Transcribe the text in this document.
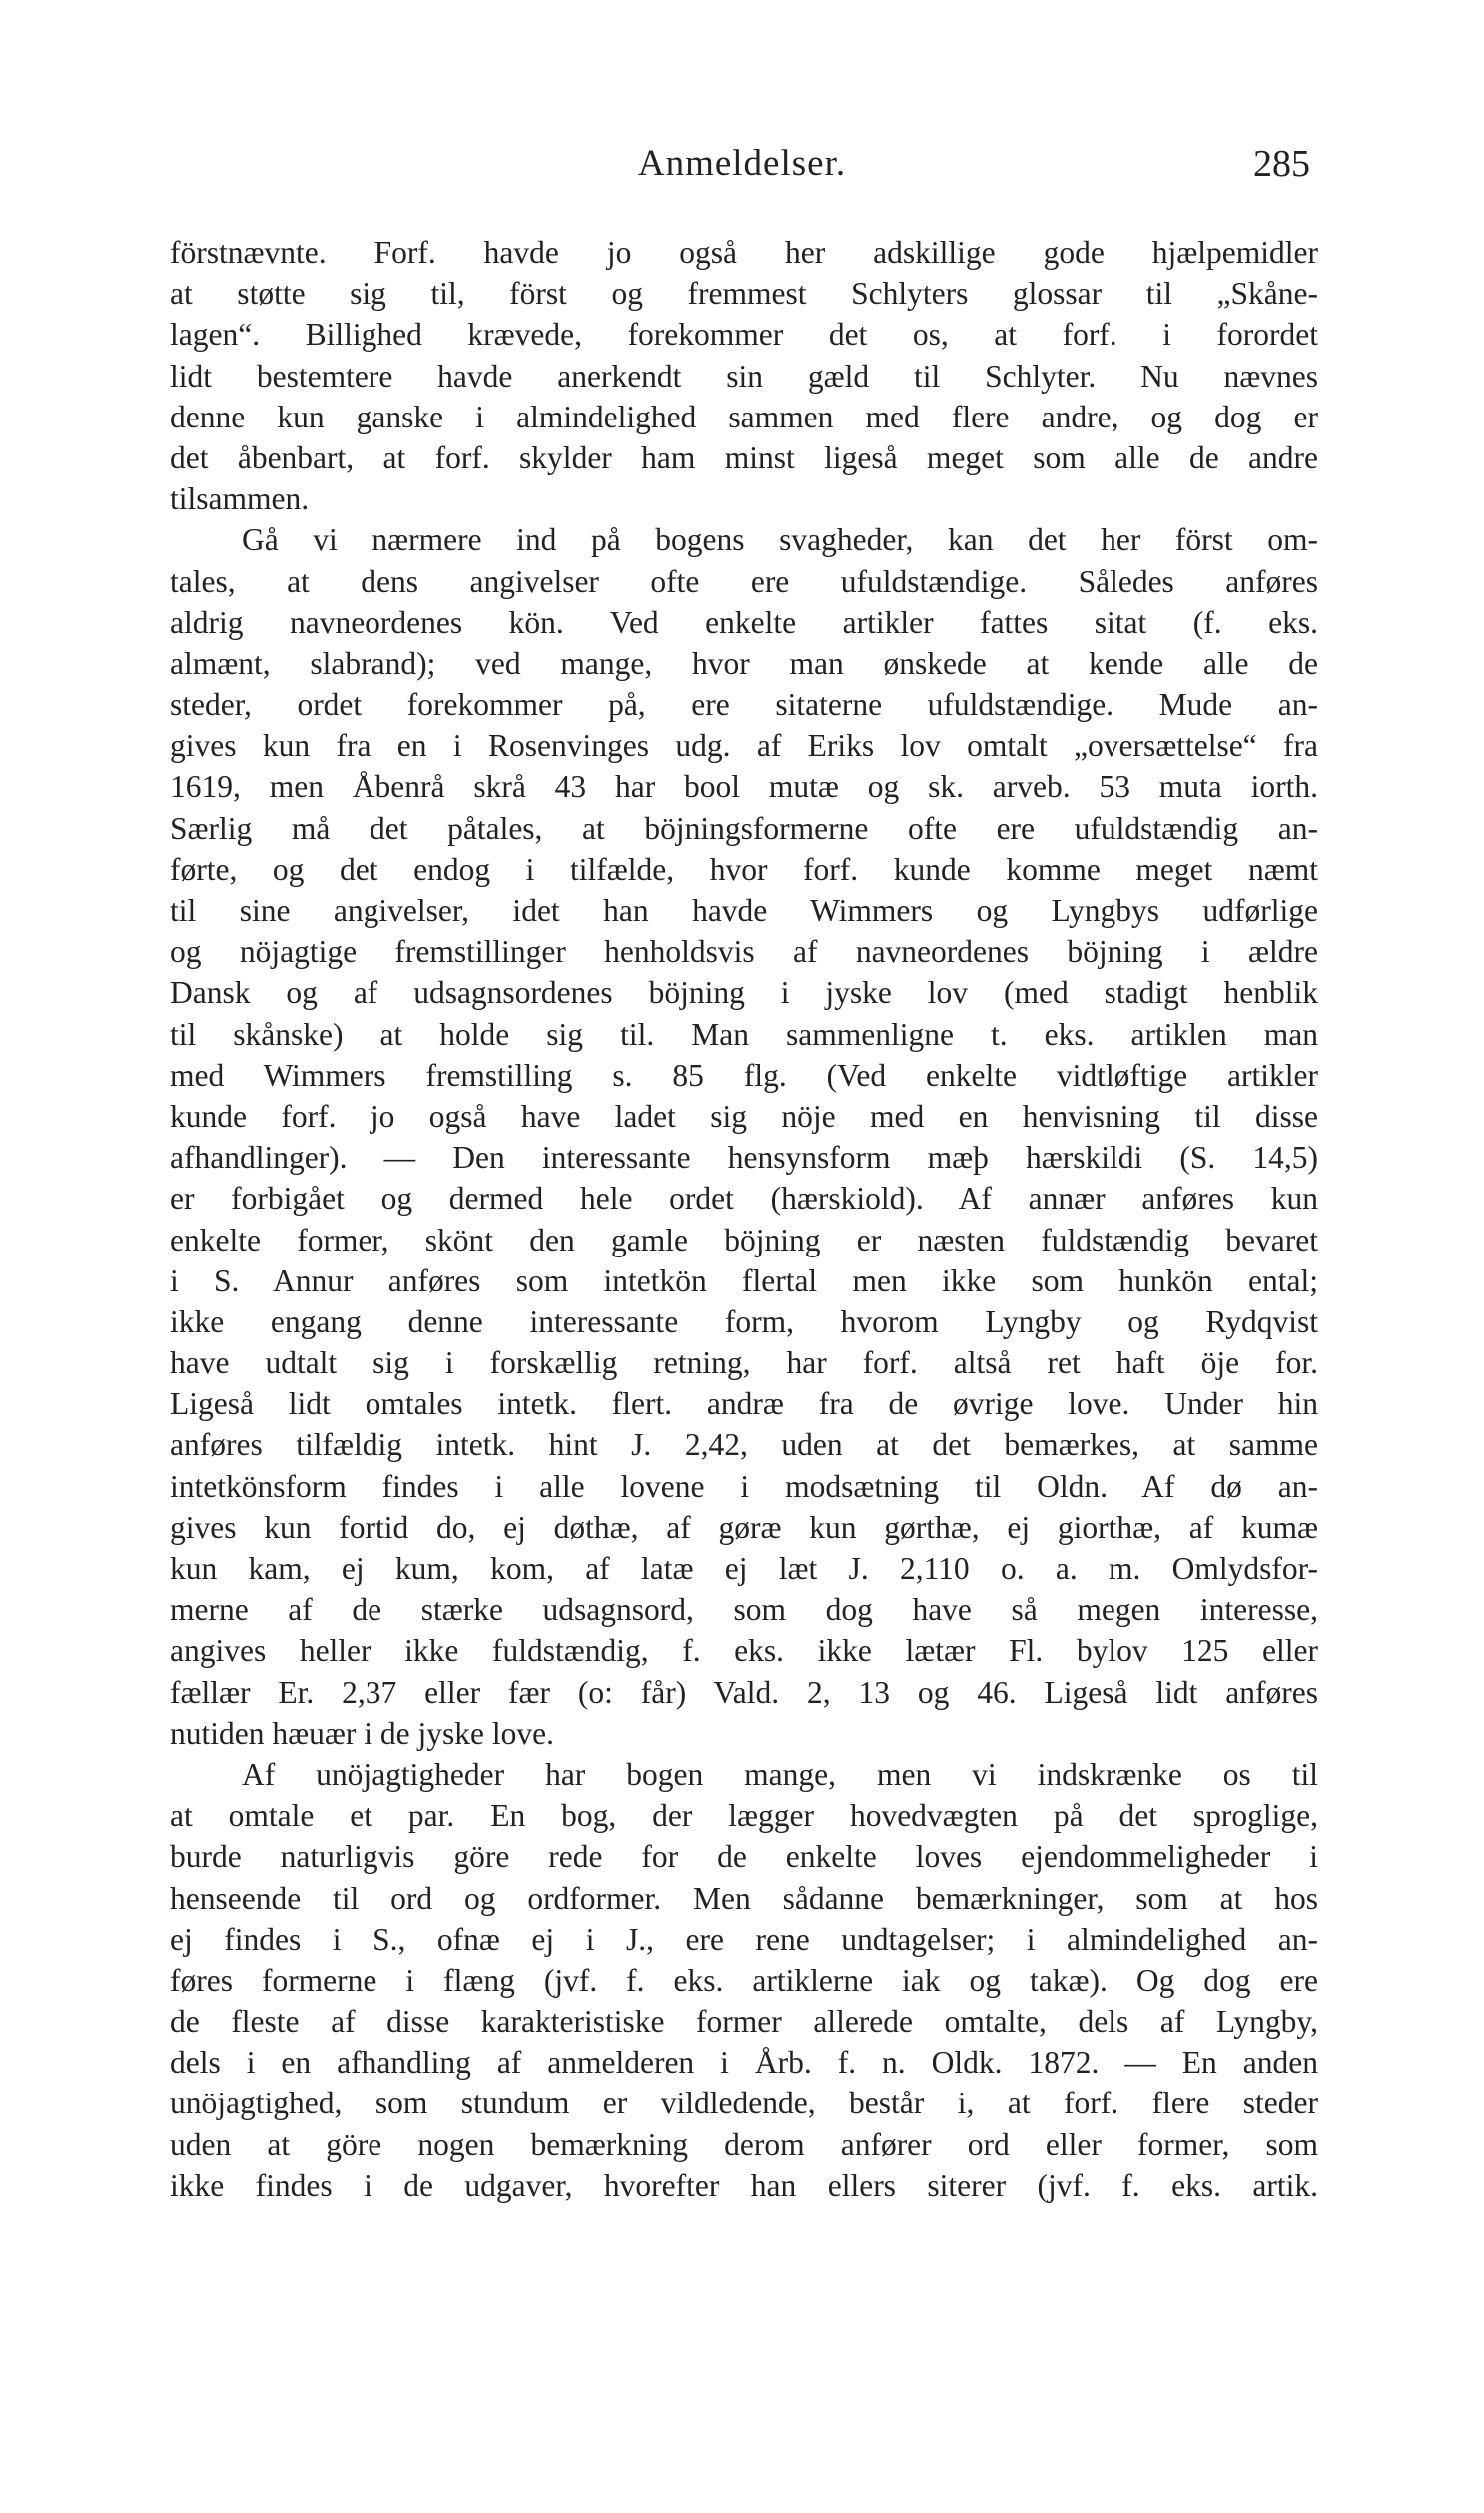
Anmeldelser.	285
förstnævnte. Forf. havde jo også her adskillige gode hjælpemidler
at støtte sig til, först og fremmest Schlyters glossar til „Skåne-
lagen“. Billighed krævede, forekommer det os, at forf. i forordet
lidt bestemtere havde anerkendt sin gæld til Schlyter. Nu nævnes
denne kun ganske i almindelighed sammen med flere andre, og dog er
det åbenbart, at forf. skylder ham minst ligeså meget som alle de andre
tilsammen.
Gå vi nærmere ind på bogens svagheder, kan det her först om-
tales, at dens angivelser ofte ere ufuldstændige. Således anføres
aldrig navneordenes kön. Ved enkelte artikler fattes sitat (f. eks.
almænt, slabrand); ved mange, hvor man ønskede at kende alle de
steder, ordet forekommer på, ere sitaterne ufuldstændige. Mude an-
gives kun fra en i Rosenvinges udg. af Eriks lov omtalt „oversættelse“ fra
1619, men Åbenrå skrå 43 har bool mutæ og sk. arveb. 53 muta iorth.
Særlig må det påtales, at böjningsformerne ofte ere ufuldstændig an-
førte, og det endog i tilfælde, hvor forf. kunde komme meget næmt
til sine angivelser, idet han havde Wimmers og Lyngbys udførlige
og nöjagtige fremstillinger henholdsvis af navneordenes böjning i ældre
Dansk og af udsagnsordenes böjning i jyske lov (med stadigt henblik
til skånske) at holde sig til. Man sammenligne t. eks. artiklen man
med Wimmers fremstilling s. 85 flg. (Ved enkelte vidtløftige artikler
kunde forf. jo også have ladet sig nöje med en henvisning til disse
afhandlinger). — Den interessante hensynsform mæþ hærskildi (S. 14,5)
er forbigået og dermed hele ordet (hærskiold). Af annær anføres kun
enkelte former, skönt den gamle böjning er næsten fuldstændig bevaret
i S. Annur anføres som intetkön flertal men ikke som hunkön ental;
ikke engang denne interessante form, hvorom Lyngby og Rydqvist
have udtalt sig i forskællig retning, har forf. altså ret haft öje for.
Ligeså lidt omtales intetk. flert. andræ fra de øvrige love. Under hin
anføres tilfældig intetk. hint J. 2,42, uden at det bemærkes, at samme
intetkönsform findes i alle lovene i modsætning til Oldn. Af dø an-
gives kun fortid do, ej døthæ, af gøræ kun gørthæ, ej giorthæ, af kumæ
kun kam, ej kum, kom, af latæ ej læt J. 2,110 o. a. m. Omlydsfor-
merne af de stærke udsagnsord, som dog have så megen interesse,
angives heller ikke fuldstændig, f. eks. ikke lætær Fl. bylov 125 eller
fællær Er. 2,37 eller fær (o: får) Vald. 2, 13 og 46. Ligeså lidt anføres
nutiden hæuær i de jyske love.
Af unöjagtigheder har bogen mange, men vi indskrænke os til
at omtale et par. En bog, der lægger hovedvægten på det sproglige,
burde naturligvis göre rede for de enkelte loves ejendommeligheder i
henseende til ord og ordformer. Men sådanne bemærkninger, som at hos
ej findes i S., ofnæ ej i J., ere rene undtagelser; i almindelighed an-
føres formerne i flæng (jvf. f. eks. artiklerne iak og takæ). Og dog ere
de fleste af disse karakteristiske former allerede omtalte, dels af Lyngby,
dels i en afhandling af anmelderen i Årb. f. n. Oldk. 1872. — En anden
unöjagtighed, som stundum er vildledende, består i, at forf. flere steder
uden at göre nogen bemærkning derom anfører ord eller former, som
ikke findes i de udgaver, hvorefter han ellers siterer (jvf. f. eks. artik.
